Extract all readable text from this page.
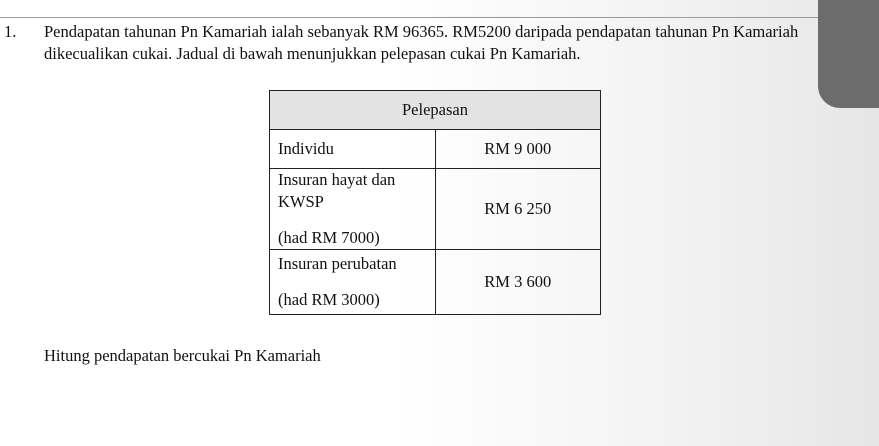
1. Pendapatan tahunan Pn Kamariah ialah sebanyak RM 96365. RM5200 daripada pendapatan tahunan Pn Kamariah dikecualikan cukai. Jadual di bawah menunjukkan pelepasan cukai Pn Kamariah.

Pelepasan	
Individu	RM 9 000

Insuran hayat dan KWSP
(had RM 7000)	RM 6 250

Insuran perubatan
(had RM 3000)	RM 3 600
Hitung pendapatan bercukai Pn Kamariah
